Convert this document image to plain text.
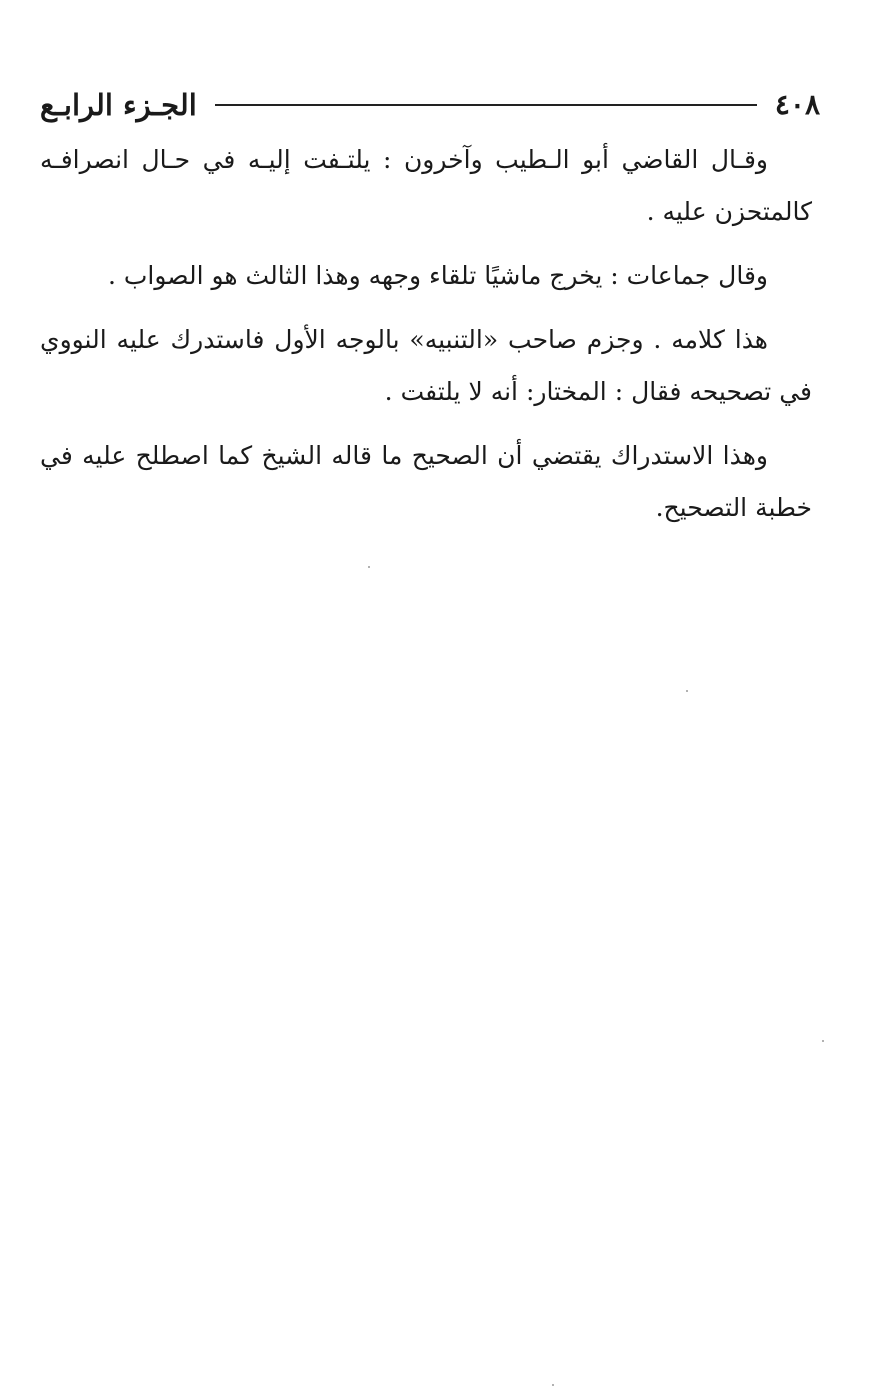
٤٠٨
الجـزء الرابـع

وقـال القاضي أبو الـطيب وآخرون : يلتـفت إليـه في حـال انصرافـه كالمتحزن عليه .

وقال جماعات : يخرج ماشيًا تلقاء وجهه وهذا الثالث هو الصواب .

هذا كلامه . وجزم صاحب «التنبيه» بالوجه الأول فاستدرك عليه النووي في تصحيحه فقال : المختار: أنه لا يلتفت .

وهذا الاستدراك يقتضي أن الصحيح ما قاله الشيخ كما اصطلح عليه في خطبة التصحيح.
